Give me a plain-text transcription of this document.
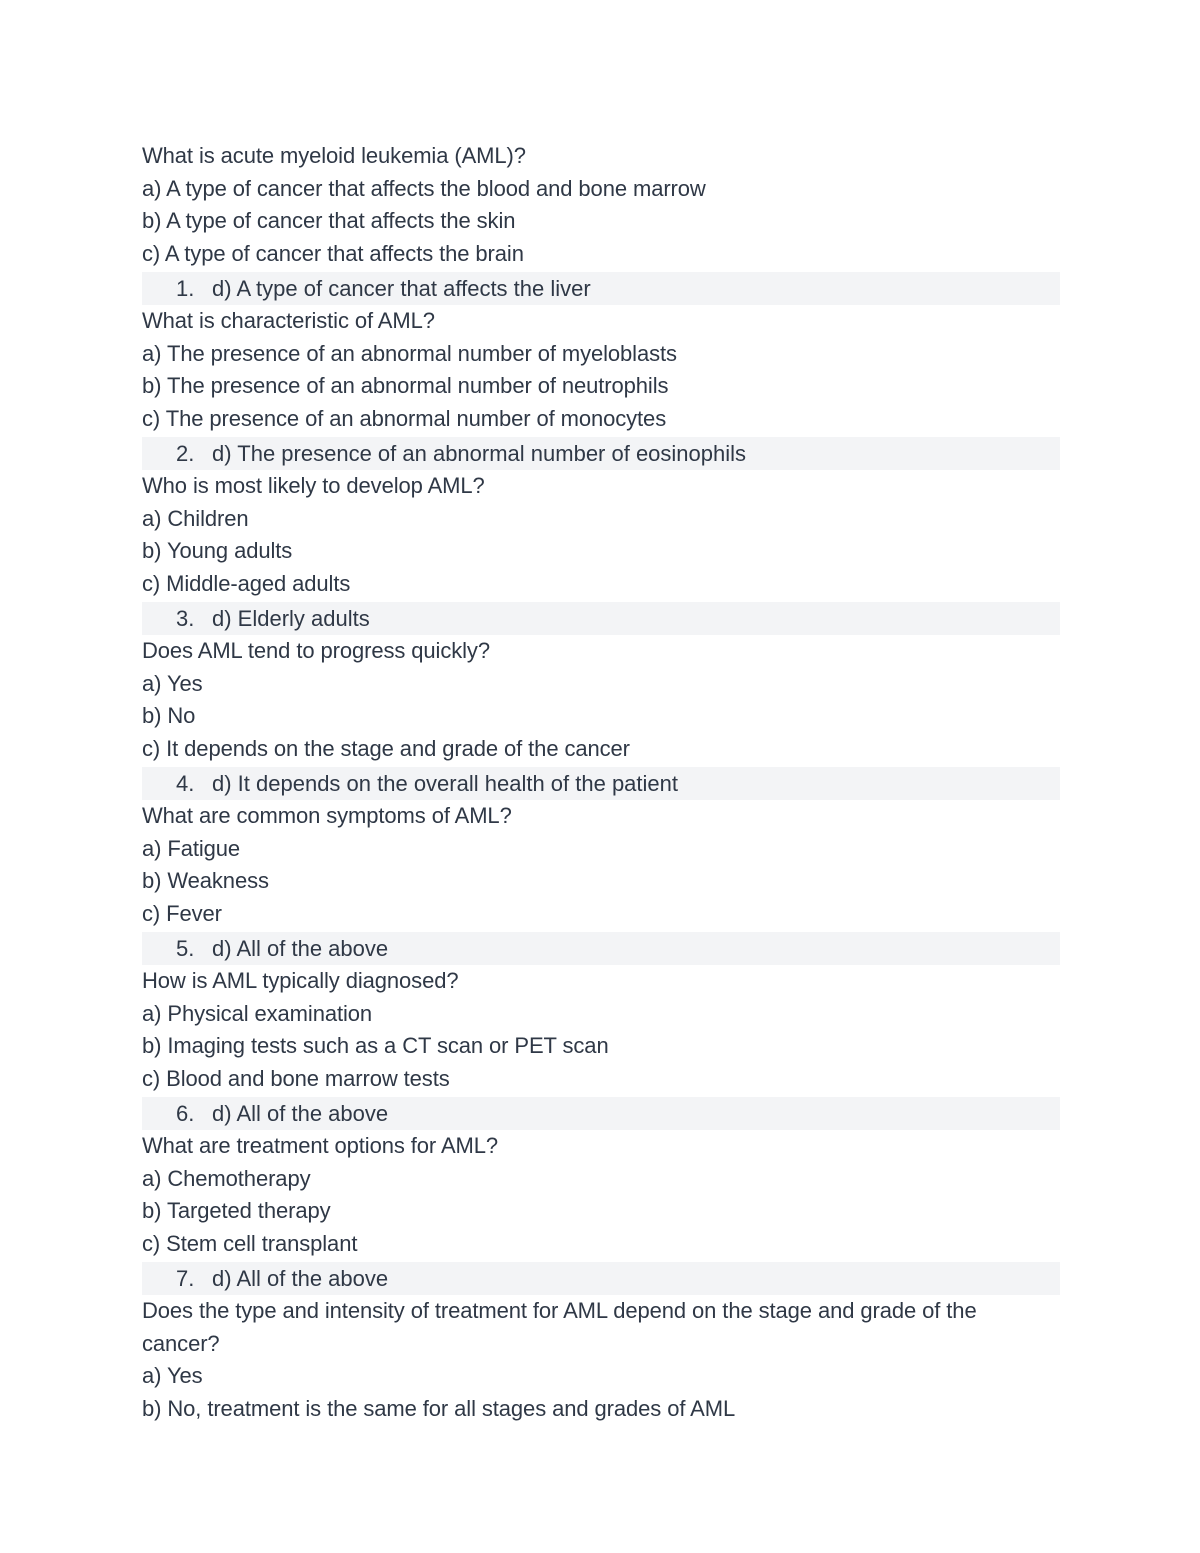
What is acute myeloid leukemia (AML)?
a) A type of cancer that affects the blood and bone marrow
b) A type of cancer that affects the skin
c) A type of cancer that affects the brain
1. d) A type of cancer that affects the liver
What is characteristic of AML?
a) The presence of an abnormal number of myeloblasts
b) The presence of an abnormal number of neutrophils
c) The presence of an abnormal number of monocytes
2. d) The presence of an abnormal number of eosinophils
Who is most likely to develop AML?
a) Children
b) Young adults
c) Middle-aged adults
3. d) Elderly adults
Does AML tend to progress quickly?
a) Yes
b) No
c) It depends on the stage and grade of the cancer
4. d) It depends on the overall health of the patient
What are common symptoms of AML?
a) Fatigue
b) Weakness
c) Fever
5. d) All of the above
How is AML typically diagnosed?
a) Physical examination
b) Imaging tests such as a CT scan or PET scan
c) Blood and bone marrow tests
6. d) All of the above
What are treatment options for AML?
a) Chemotherapy
b) Targeted therapy
c) Stem cell transplant
7. d) All of the above
Does the type and intensity of treatment for AML depend on the stage and grade of the cancer?
a) Yes
b) No, treatment is the same for all stages and grades of AML
